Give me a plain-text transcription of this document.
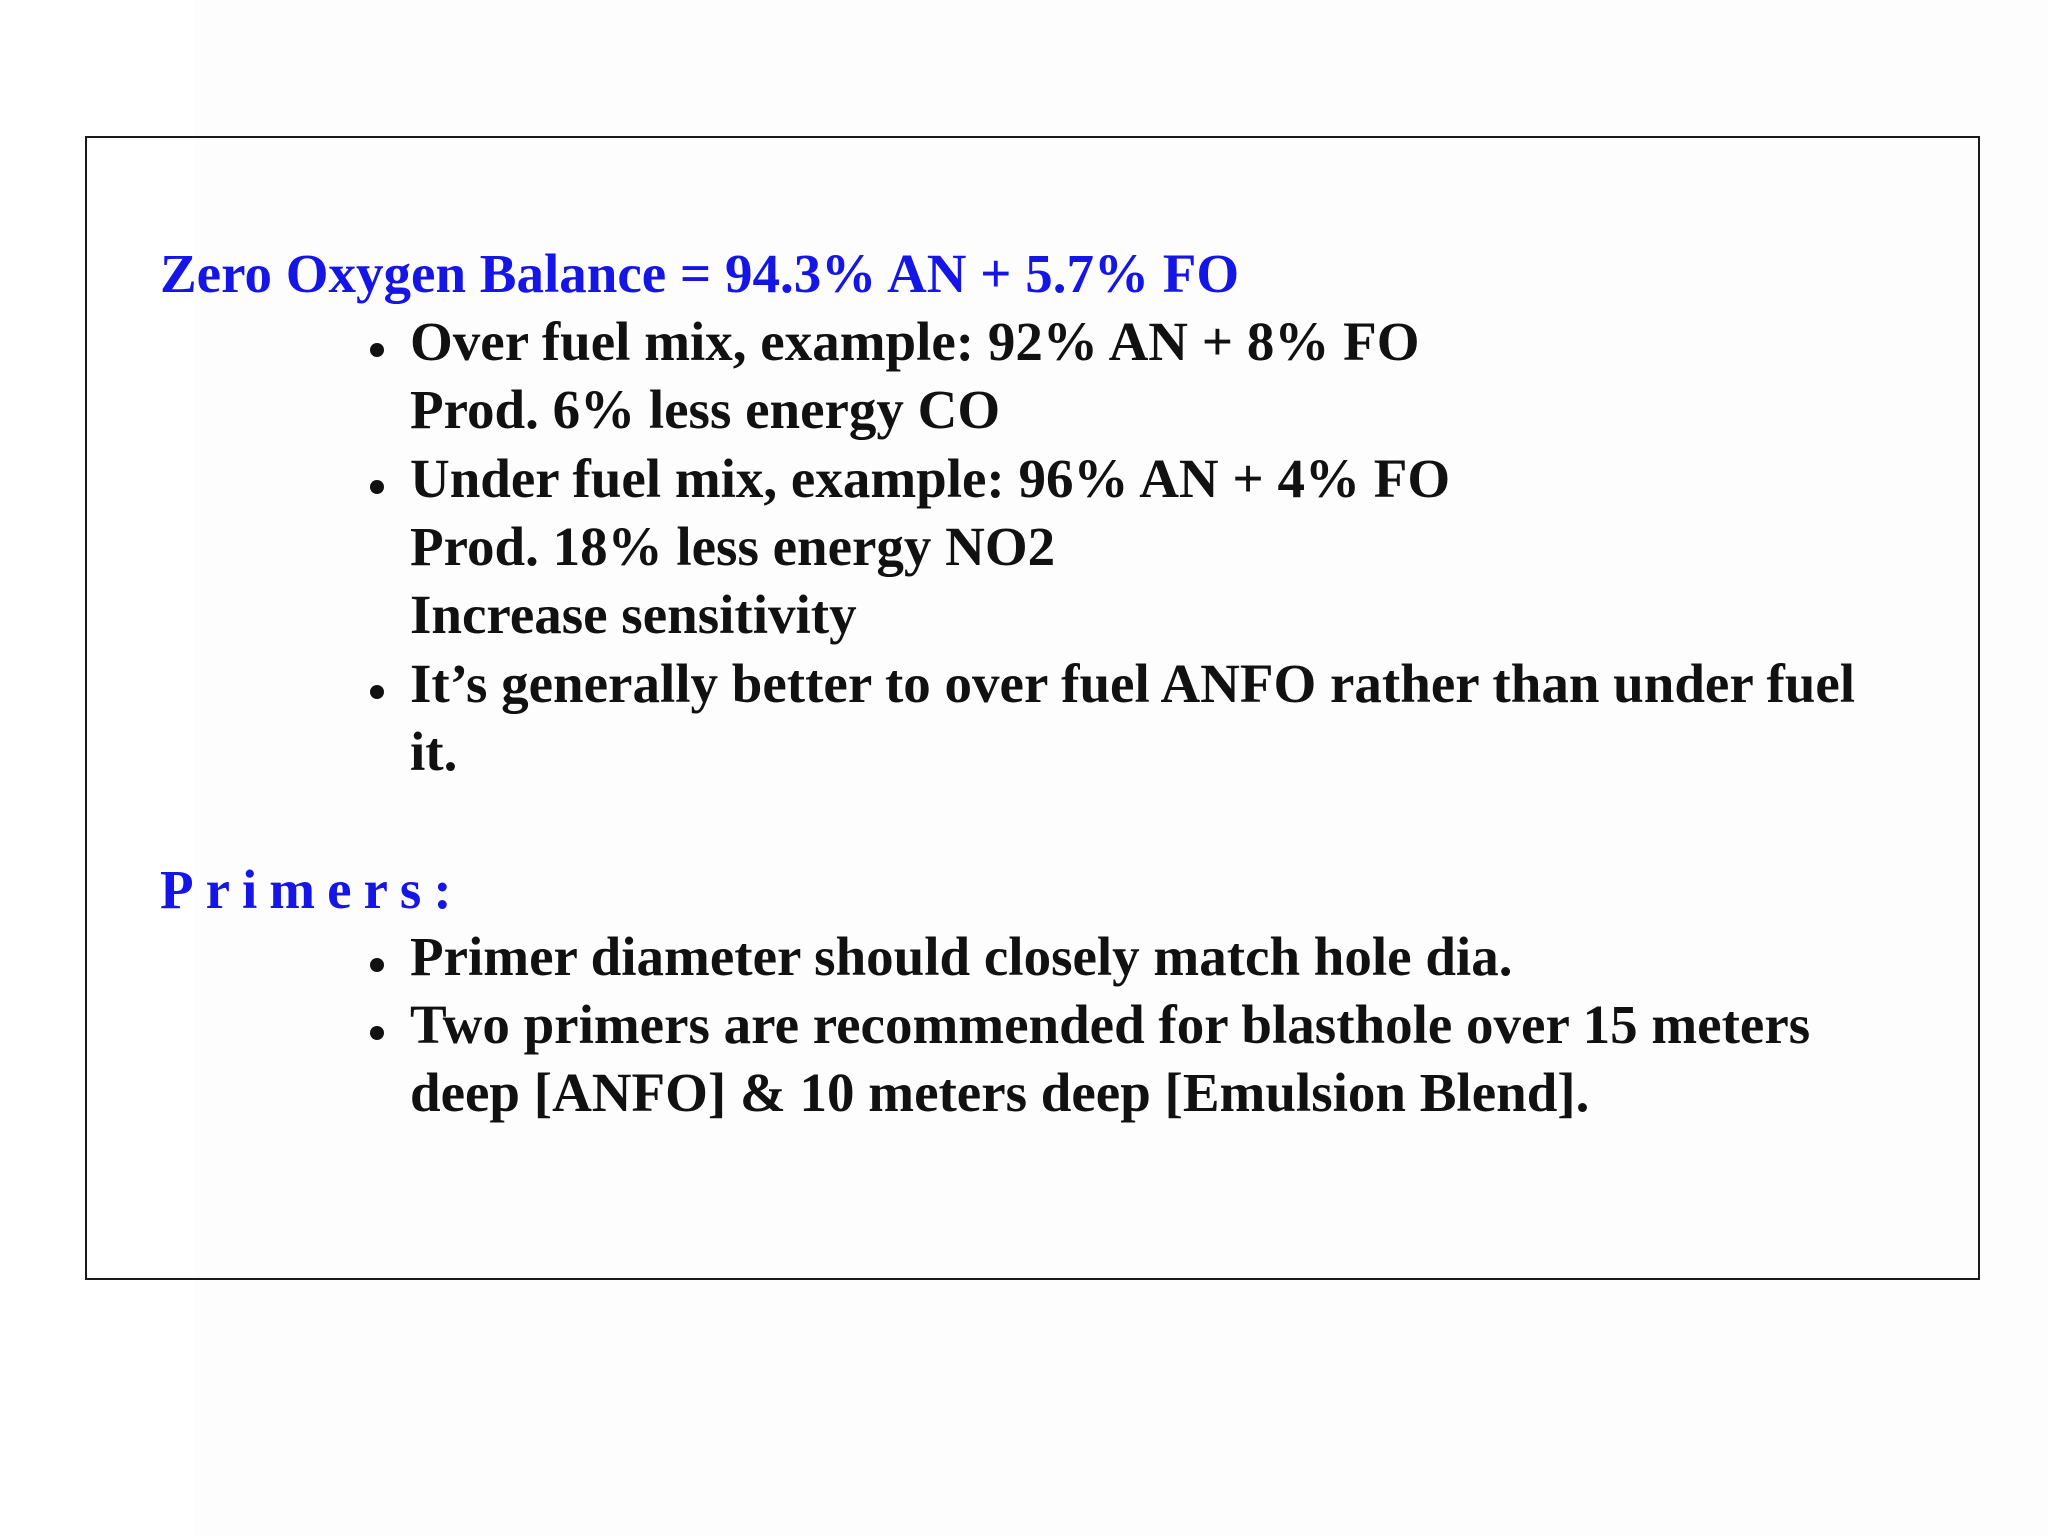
Zero Oxygen Balance = 94.3% AN + 5.7% FO
Over fuel mix, example: 92% AN + 8% FO
Prod. 6% less energy CO
Under fuel mix, example: 96% AN + 4% FO
Prod. 18% less energy NO2
Increase sensitivity
It’s generally better to over fuel ANFO rather than under fuel
it.
Primers:
Primer diameter should closely match hole dia.
Two primers are recommended for blasthole over 15 meters
deep [ANFO] & 10 meters deep [Emulsion Blend].
